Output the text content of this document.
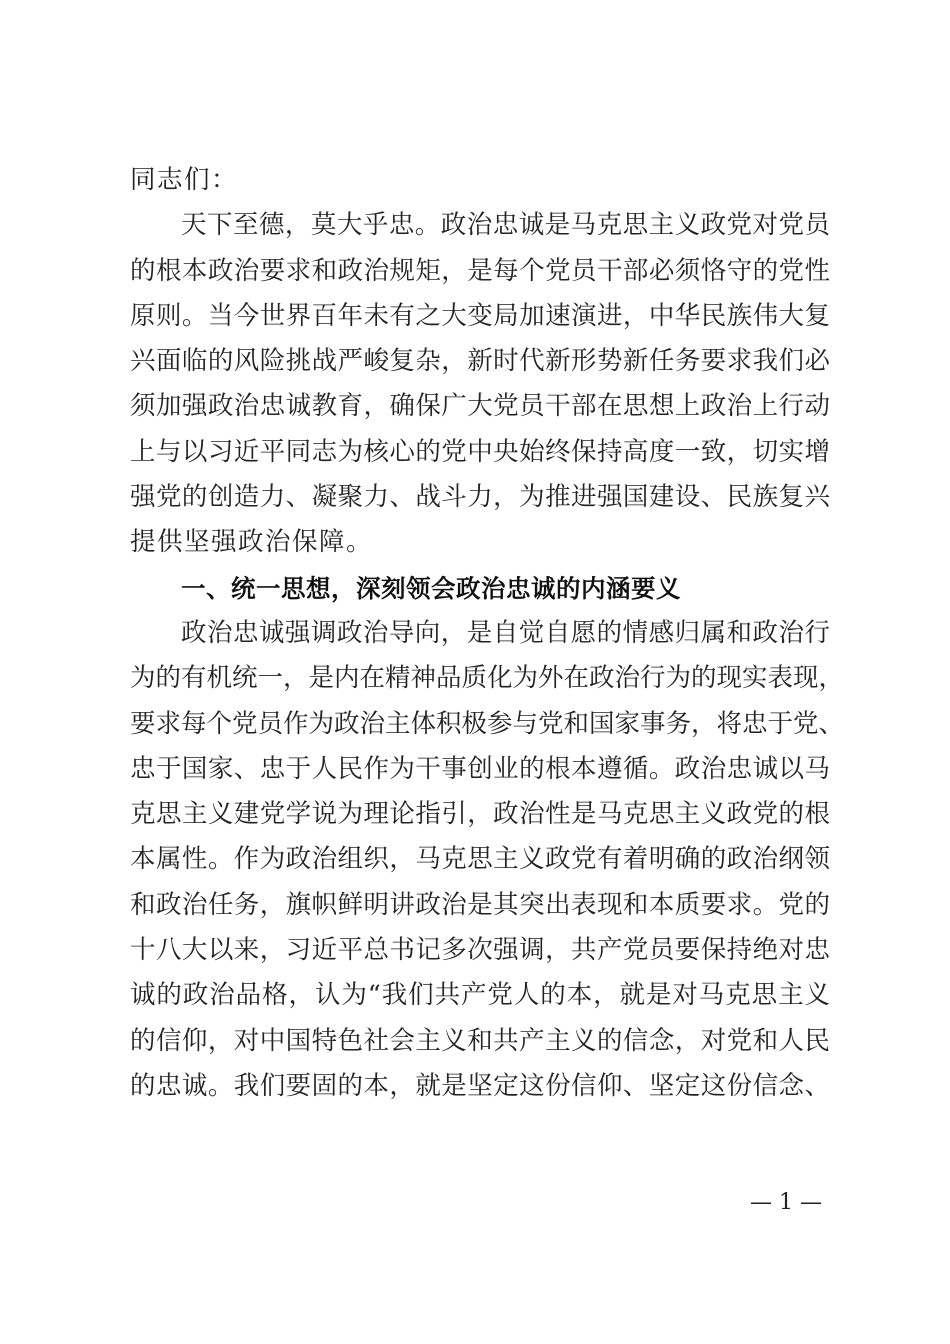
同志们：
天下至德，莫大乎忠。政治忠诚是马克思主义政党对党员
的根本政治要求和政治规矩，是每个党员干部必须恪守的党性
原则。当今世界百年未有之大变局加速演进，中华民族伟大复
兴面临的风险挑战严峻复杂，新时代新形势新任务要求我们必
须加强政治忠诚教育，确保广大党员干部在思想上政治上行动
上与以习近平同志为核心的党中央始终保持高度一致，切实增
强党的创造力、凝聚力、战斗力，为推进强国建设、民族复兴
提供坚强政治保障。
一、统一思想，深刻领会政治忠诚的内涵要义
政治忠诚强调政治导向，是自觉自愿的情感归属和政治行
为的有机统一，是内在精神品质化为外在政治行为的现实表现，
要求每个党员作为政治主体积极参与党和国家事务，将忠于党、
忠于国家、忠于人民作为干事创业的根本遵循。政治忠诚以马
克思主义建党学说为理论指引，政治性是马克思主义政党的根
本属性。作为政治组织，马克思主义政党有着明确的政治纲领
和政治任务，旗帜鲜明讲政治是其突出表现和本质要求。党的
十八大以来，习近平总书记多次强调，共产党员要保持绝对忠
诚的政治品格，认为“我们共产党人的本，就是对马克思主义
的信仰，对中国特色社会主义和共产主义的信念，对党和人民
的忠诚。我们要固的本，就是坚定这份信仰、坚定这份信念、
— 1 —
